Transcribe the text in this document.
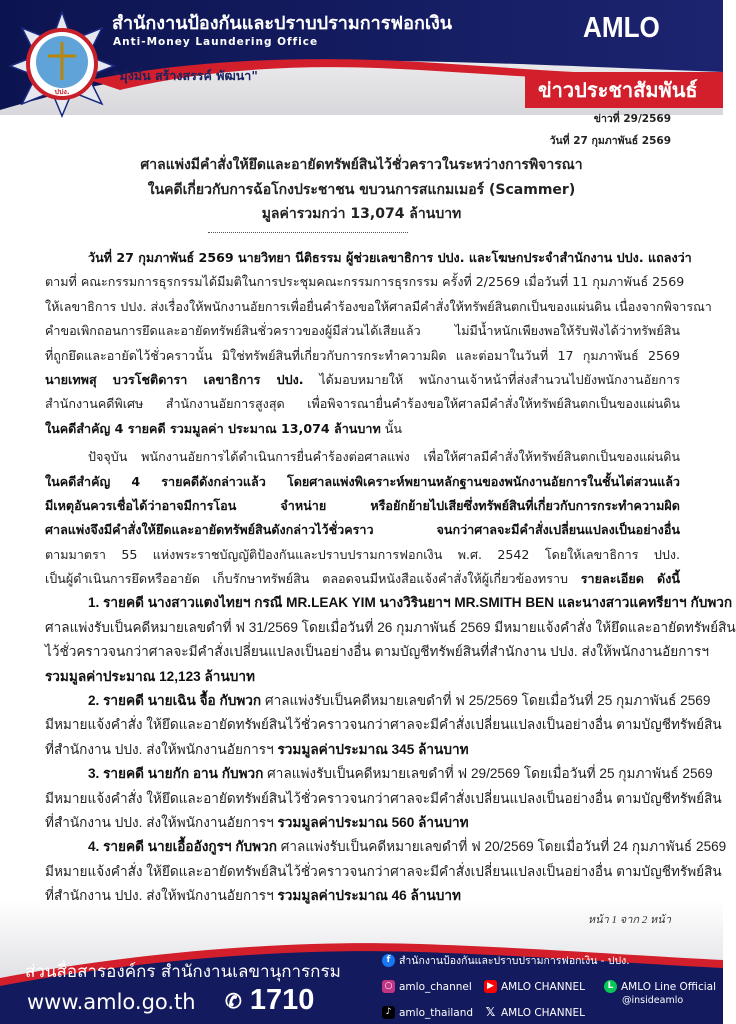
ปปง.
สำนักงานป้องกันและปราบปรามการฟอกเงิน
Anti-Money Laundering Office	AMLO
"มุ่งมั่น สร้างสรรค์ พัฒนา"
ข่าวประชาสัมพันธ์
ข่าวที่ 29/2569
วันที่ 27 กุมภาพันธ์ 2569
ศาลแพ่งมีคำสั่งให้ยึดและอายัดทรัพย์สินไว้ชั่วคราวในระหว่างการพิจารณา
ในคดีเกี่ยวกับการฉ้อโกงประชาชน ขบวนการสแกมเมอร์ (Scammer)
มูลค่ารวมกว่า 13,074 ล้านบาท
วันที่ 27 กุมภาพันธ์ 2569 นายวิทยา นีติธรรม ผู้ช่วยเลขาธิการ ปปง. และโฆษกประจำสำนักงาน ปปง. แถลงว่า
ตามที่ คณะกรรมการธุรกรรมได้มีมติในการประชุมคณะกรรมการธุรกรรม ครั้งที่ 2/2569 เมื่อวันที่ 11 กุมภาพันธ์ 2569
ให้เลขาธิการ ปปง. ส่งเรื่องให้พนักงานอัยการเพื่อยื่นคำร้องขอให้ศาลมีคำสั่งให้ทรัพย์สินตกเป็นของแผ่นดิน เนื่องจากพิจารณา
คำขอเพิกถอนการยึดและอายัดทรัพย์สินชั่วคราวของผู้มีส่วนได้เสียแล้ว ไม่มีน้ำหนักเพียงพอให้รับฟังได้ว่าทรัพย์สิน
ที่ถูกยึดและอายัดไว้ชั่วคราวนั้น มิใช่ทรัพย์สินที่เกี่ยวกับการกระทำความผิด และต่อมาในวันที่ 17 กุมภาพันธ์ 2569
นายเทพสุ บวรโชติดารา เลขาธิการ ปปง. ได้มอบหมายให้ พนักงานเจ้าหน้าที่ส่งสำนวนไปยังพนักงานอัยการ
สำนักงานคดีพิเศษ สำนักงานอัยการสูงสุด เพื่อพิจารณายื่นคำร้องขอให้ศาลมีคำสั่งให้ทรัพย์สินตกเป็นของแผ่นดิน
ในคดีสำคัญ 4 รายคดี รวมมูลค่า ประมาณ 13,074 ล้านบาท นั้น
ปัจจุบัน พนักงานอัยการได้ดำเนินการยื่นคำร้องต่อศาลแพ่ง เพื่อให้ศาลมีคำสั่งให้ทรัพย์สินตกเป็นของแผ่นดิน
ในคดีสำคัญ 4 รายคดีดังกล่าวแล้ว โดยศาลแพ่งพิเคราะห์พยานหลักฐานของพนักงานอัยการในชั้นไต่สวนแล้ว
มีเหตุอันควรเชื่อได้ว่าอาจมีการโอน จำหน่าย หรือยักย้ายไปเสียซึ่งทรัพย์สินที่เกี่ยวกับการกระทำความผิด
ศาลแพ่งจึงมีคำสั่งให้ยึดและอายัดทรัพย์สินดังกล่าวไว้ชั่วคราว จนกว่าศาลจะมีคำสั่งเปลี่ยนแปลงเป็นอย่างอื่น
ตามมาตรา 55 แห่งพระราชบัญญัติป้องกันและปราบปรามการฟอกเงิน พ.ศ. 2542 โดยให้เลขาธิการ ปปง.
เป็นผู้ดำเนินการยึดหรืออายัด เก็บรักษาทรัพย์สิน ตลอดจนมีหนังสือแจ้งคำสั่งให้ผู้เกี่ยวข้องทราบ รายละเอียด ดังนี้
1. รายคดี นางสาวแตงไทยฯ กรณี MR.LEAK YIM นางวิรินยาฯ MR.SMITH BEN และนางสาวแคทรียาฯ กับพวก
ศาลแพ่งรับเป็นคดีหมายเลขดำที่ ฟ 31/2569 โดยเมื่อวันที่ 26 กุมภาพันธ์ 2569 มีหมายแจ้งคำสั่ง ให้ยึดและอายัดทรัพย์สิน
ไว้ชั่วคราวจนกว่าศาลจะมีคำสั่งเปลี่ยนแปลงเป็นอย่างอื่น ตามบัญชีทรัพย์สินที่สำนักงาน ปปง. ส่งให้พนักงานอัยการฯ
รวมมูลค่าประมาณ 12,123 ล้านบาท
2. รายคดี นายเฉิน จื้อ กับพวก ศาลแพ่งรับเป็นคดีหมายเลขดำที่ ฟ 25/2569 โดยเมื่อวันที่ 25 กุมภาพันธ์ 2569
มีหมายแจ้งคำสั่ง ให้ยึดและอายัดทรัพย์สินไว้ชั่วคราวจนกว่าศาลจะมีคำสั่งเปลี่ยนแปลงเป็นอย่างอื่น ตามบัญชีทรัพย์สิน
ที่สำนักงาน ปปง. ส่งให้พนักงานอัยการฯ รวมมูลค่าประมาณ 345 ล้านบาท
3. รายคดี นายกัก อาน กับพวก ศาลแพ่งรับเป็นคดีหมายเลขดำที่ ฟ 29/2569 โดยเมื่อวันที่ 25 กุมภาพันธ์ 2569
มีหมายแจ้งคำสั่ง ให้ยึดและอายัดทรัพย์สินไว้ชั่วคราวจนกว่าศาลจะมีคำสั่งเปลี่ยนแปลงเป็นอย่างอื่น ตามบัญชีทรัพย์สิน
ที่สำนักงาน ปปง. ส่งให้พนักงานอัยการฯ รวมมูลค่าประมาณ 560 ล้านบาท
4. รายคดี นายเอื้ออังกูรฯ กับพวก ศาลแพ่งรับเป็นคดีหมายเลขดำที่ ฟ 20/2569 โดยเมื่อวันที่ 24 กุมภาพันธ์ 2569
มีหมายแจ้งคำสั่ง ให้ยึดและอายัดทรัพย์สินไว้ชั่วคราวจนกว่าศาลจะมีคำสั่งเปลี่ยนแปลงเป็นอย่างอื่น ตามบัญชีทรัพย์สิน
ที่สำนักงาน ปปง. ส่งให้พนักงานอัยการฯ รวมมูลค่าประมาณ 46 ล้านบาท
หน้า 1 จาก 2 หน้า
ส่วนสื่อสารองค์กร สำนักงานเลขานุการกรม
www.amlo.go.th ✆ 1710
f สำนักงานป้องกันและปราบปรามการฟอกเงิน - ปปง.
○ amlo_channel	▶ AMLO CHANNEL	L AMLO Line Official
@insideamlo
♪ amlo_thailand 𝕏 AMLO CHANNEL
